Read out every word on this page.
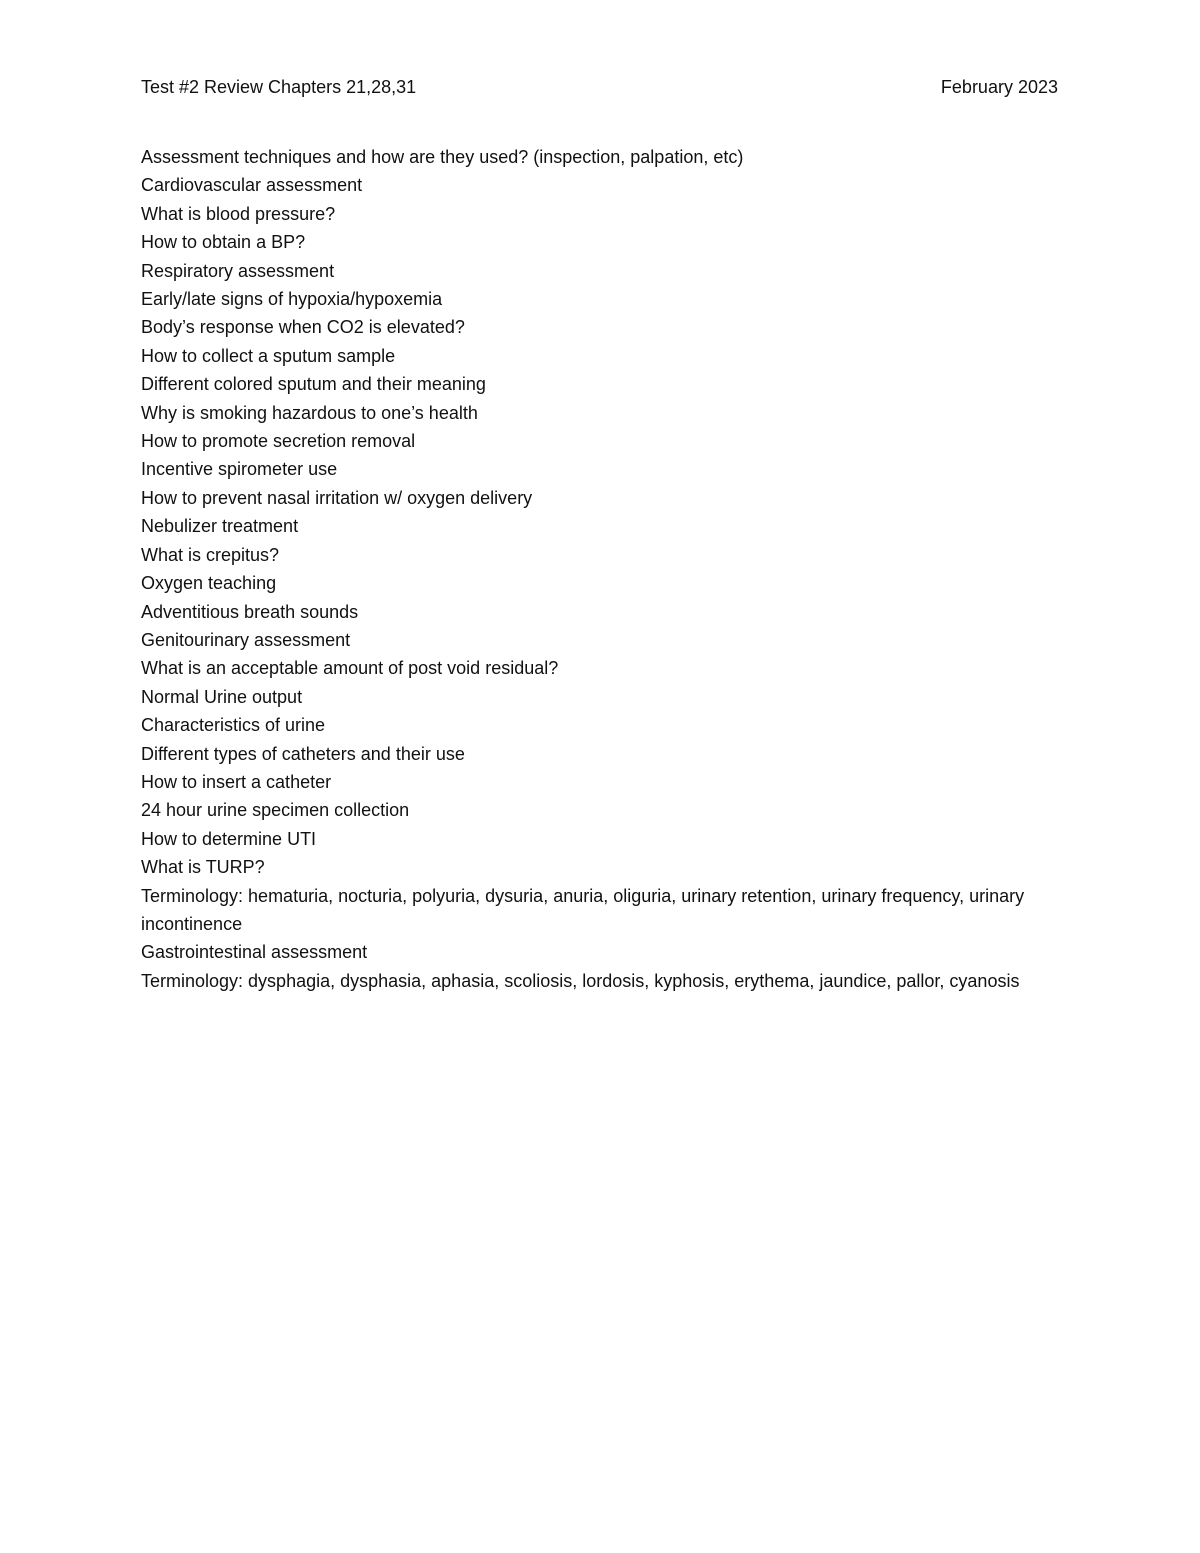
Test #2 Review Chapters 21,28,31	February 2023
Assessment techniques and how are they used? (inspection, palpation, etc)
Cardiovascular assessment
What is blood pressure?
How to obtain a BP?
Respiratory assessment
Early/late signs of hypoxia/hypoxemia
Body’s response when CO2 is elevated?
How to collect a sputum sample
Different colored sputum and their meaning
Why is smoking hazardous to one’s health
How to promote secretion removal
Incentive spirometer use
How to prevent nasal irritation w/ oxygen delivery
Nebulizer treatment
What is crepitus?
Oxygen teaching
Adventitious breath sounds
Genitourinary assessment
What is an acceptable amount of post void residual?
Normal Urine output
Characteristics of urine
Different types of catheters and their use
How to insert a catheter
24 hour urine specimen collection
How to determine UTI
What is TURP?
Terminology: hematuria, nocturia, polyuria, dysuria, anuria, oliguria, urinary retention, urinary frequency, urinary incontinence
Gastrointestinal assessment
Terminology: dysphagia, dysphasia, aphasia, scoliosis, lordosis, kyphosis, erythema, jaundice, pallor, cyanosis
